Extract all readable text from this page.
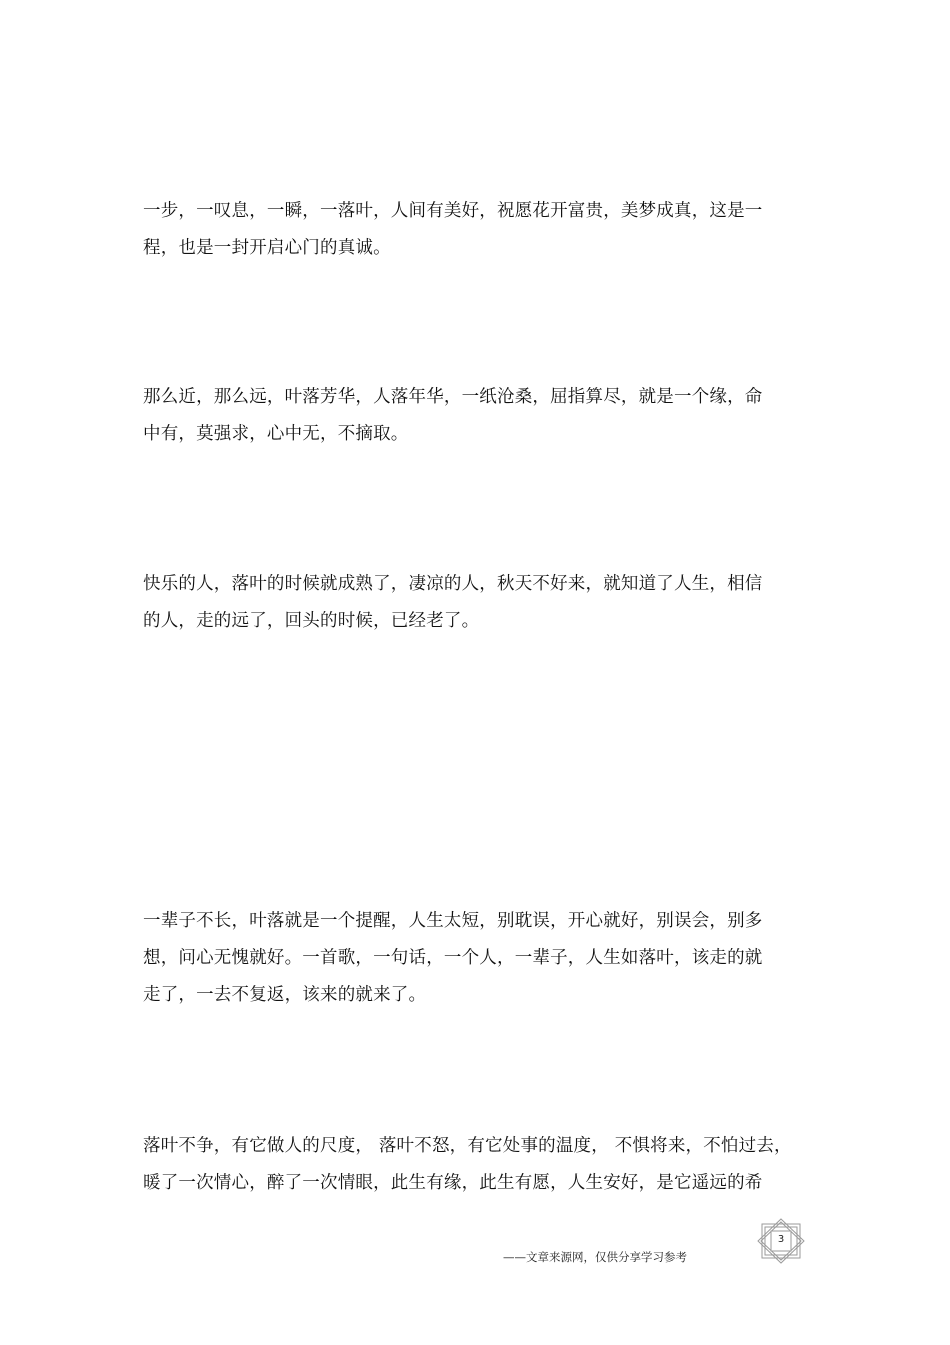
一步，一叹息，一瞬，一落叶，人间有美好，祝愿花开富贵，美梦成真，这是一
程，也是一封开启心门的真诚。

那么近，那么远，叶落芳华，人落年华，一纸沧桑，屈指算尽，就是一个缘，命
中有，莫强求，心中无，不摘取。

快乐的人，落叶的时候就成熟了，凄凉的人，秋天不好来，就知道了人生，相信
的人，走的远了，回头的时候，已经老了。

一辈子不长，叶落就是一个提醒，人生太短，别耽误，开心就好，别误会，别多
想，问心无愧就好。一首歌，一句话，一个人，一辈子，人生如落叶，该走的就
走了，一去不复返，该来的就来了。

落叶不争，有它做人的尺度， 落叶不怒，有它处事的温度， 不惧将来，不怕过去，
暖了一次情心，醉了一次情眼，此生有缘，此生有愿，人生安好，是它遥远的希

——文章来源网，仅供分享学习参考
3
